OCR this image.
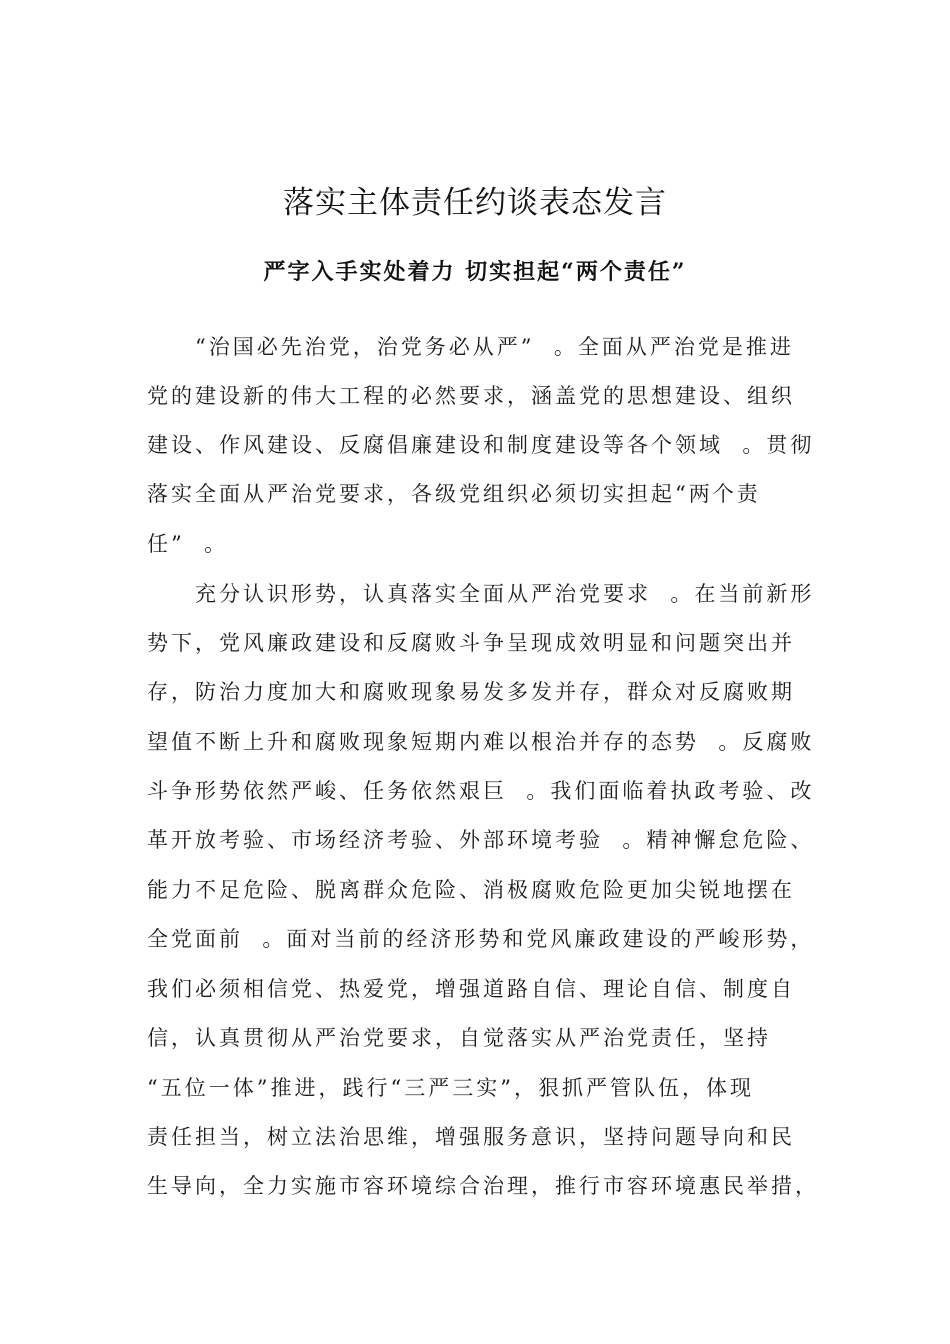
落实主体责任约谈表态发言
严字入手实处着力 切实担起“两个责任”
“治国必先治党，治党务必从严”  。全面从严治党是推进
党的建设新的伟大工程的必然要求，涵盖党的思想建设、组织
建设、作风建设、反腐倡廉建设和制度建设等各个领域  。贯彻
落实全面从严治党要求，各级党组织必须切实担起“两个责
任”  。
充分认识形势，认真落实全面从严治党要求  。在当前新形
势下，党风廉政建设和反腐败斗争呈现成效明显和问题突出并
存，防治力度加大和腐败现象易发多发并存，群众对反腐败期
望值不断上升和腐败现象短期内难以根治并存的态势  。反腐败
斗争形势依然严峻、任务依然艰巨  。我们面临着执政考验、改
革开放考验、市场经济考验、外部环境考验  。精神懈怠危险、
能力不足危险、脱离群众危险、消极腐败危险更加尖锐地摆在
全党面前  。面对当前的经济形势和党风廉政建设的严峻形势，
我们必须相信党、热爱党，增强道路自信、理论自信、制度自
信，认真贯彻从严治党要求，自觉落实从严治党责任，坚持
“五位一体”推进，践行“三严三实”，狠抓严管队伍，体现
责任担当，树立法治思维，增强服务意识，坚持问题导向和民
生导向，全力实施市容环境综合治理，推行市容环境惠民举措，
